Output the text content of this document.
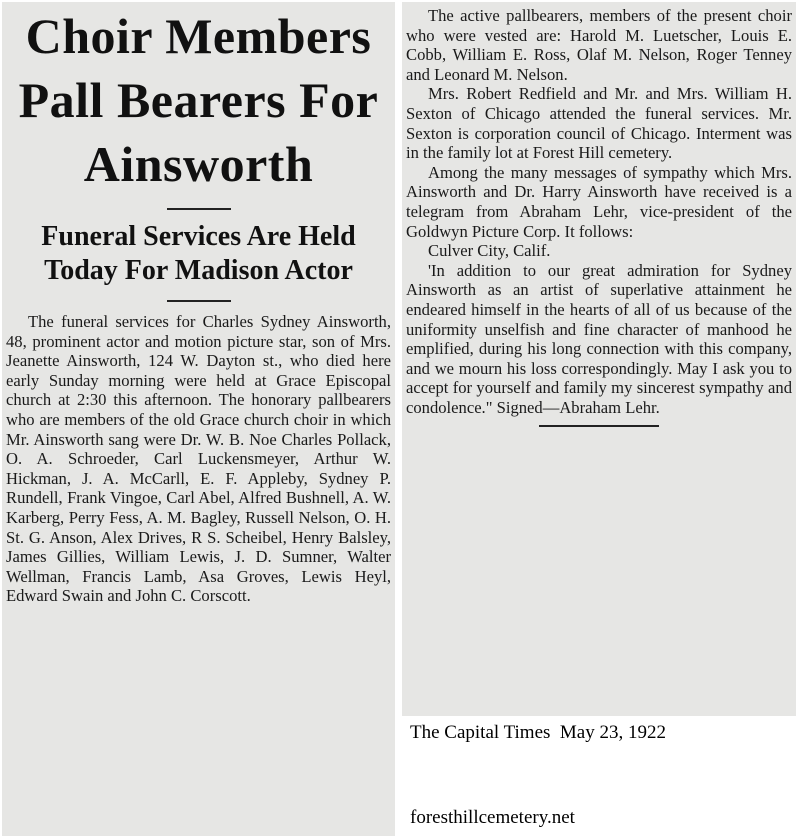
Choir Members Pall Bearers For Ainsworth
Funeral Services Are Held Today For Madison Actor

The funeral services for Charles Sydney Ainsworth, 48, prominent actor and motion picture star, son of Mrs. Jeanette Ainsworth, 124 W. Dayton st., who died here early Sunday morning were held at Grace Episcopal church at 2:30 this afternoon. The honorary pallbearers who are members of the old Grace church choir in which Mr. Ainsworth sang were Dr. W. B. Noe Charles Pollack, O. A. Schroeder, Carl Luckensmeyer, Arthur W. Hickman, J. A. McCarll, E. F. Appleby, Sydney P. Rundell, Frank Vingoe, Carl Abel, Alfred Bushnell, A. W. Karberg, Perry Fess, A. M. Bagley, Russell Nelson, O. H. St. G. Anson, Alex Drives, R S. Scheibel, Henry Balsley, James Gillies, William Lewis, J. D. Sumner, Walter Wellman, Francis Lamb, Asa Groves, Lewis Heyl, Edward Swain and John C. Corscott.

The active pallbearers, members of the present choir who were vested are: Harold M. Luetscher, Louis E. Cobb, William E. Ross, Olaf M. Nelson, Roger Tenney and Leonard M. Nelson.

Mrs. Robert Redfield and Mr. and Mrs. William H. Sexton of Chicago attended the funeral services. Mr. Sexton is corporation council of Chicago. Interment was in the family lot at Forest Hill cemetery.

Among the many messages of sympathy which Mrs. Ainsworth and Dr. Harry Ainsworth have received is a telegram from Abraham Lehr, vice-president of the Goldwyn Picture Corp. It follows:

Culver City, Calif.

'In addition to our great admiration for Sydney Ainsworth as an artist of superlative attainment he endeared himself in the hearts of all of us because of the uniformity unselfish and fine character of manhood he emplified, during his long connection with this company, and we mourn his loss correspondingly. May I ask you to accept for yourself and family my sincerest sympathy and condolence." Signed—Abraham Lehr.

The Capital Times  May 23, 1922
foresthillcemetery.net
